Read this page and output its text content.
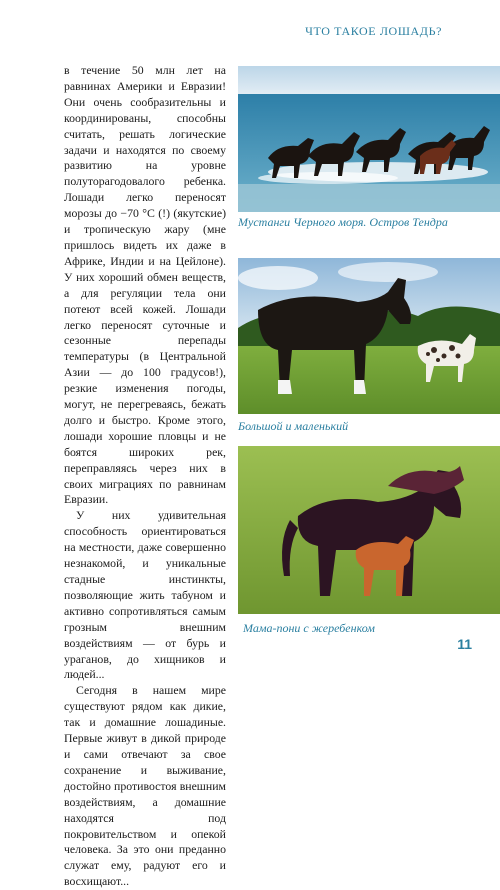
ЧТО ТАКОЕ ЛОШАДЬ?

в течение 50 млн лет на равнинах Америки и Евразии! Они очень сообразительны и координированы, способны считать, решать логические задачи и находятся по своему развитию на уровне полуторагодовалого ребенка. Лошади легко переносят морозы до −70 °C (!) (якутские) и тропическую жару (мне пришлось видеть их даже в Африке, Индии и на Цейлоне). У них хороший обмен веществ, а для регуляции тела они потеют всей кожей. Лошади легко переносят суточные и сезонные перепады температуры (в Центральной Азии — до 100 градусов!), резкие изменения погоды, могут, не перегреваясь, бежать долго и быстро. Кроме этого, лошади хорошие пловцы и не боятся широких рек, переправляясь через них в своих миграциях по равнинам Евразии.

У них удивительная способность ориентироваться на местности, даже совершенно незнакомой, и уникальные стадные инстинкты, позволяющие жить табуном и активно сопротивляться самым грозным внешним воздействиям — от бурь и ураганов, до хищников и людей...

Сегодня в нашем мире существуют рядом как дикие, так и домашние лошадиные. Первые живут в дикой природе и сами отвечают за свое сохранение и выживание, достойно противостоя внешним воздействиям, а домашние находятся под покровительством и опекой человека. За это они преданно служат ему, радуют его и восхищают...

Мустанги Черного моря. Остров Тендра
Большой и маленький
Мама-пони с жеребенком
11
